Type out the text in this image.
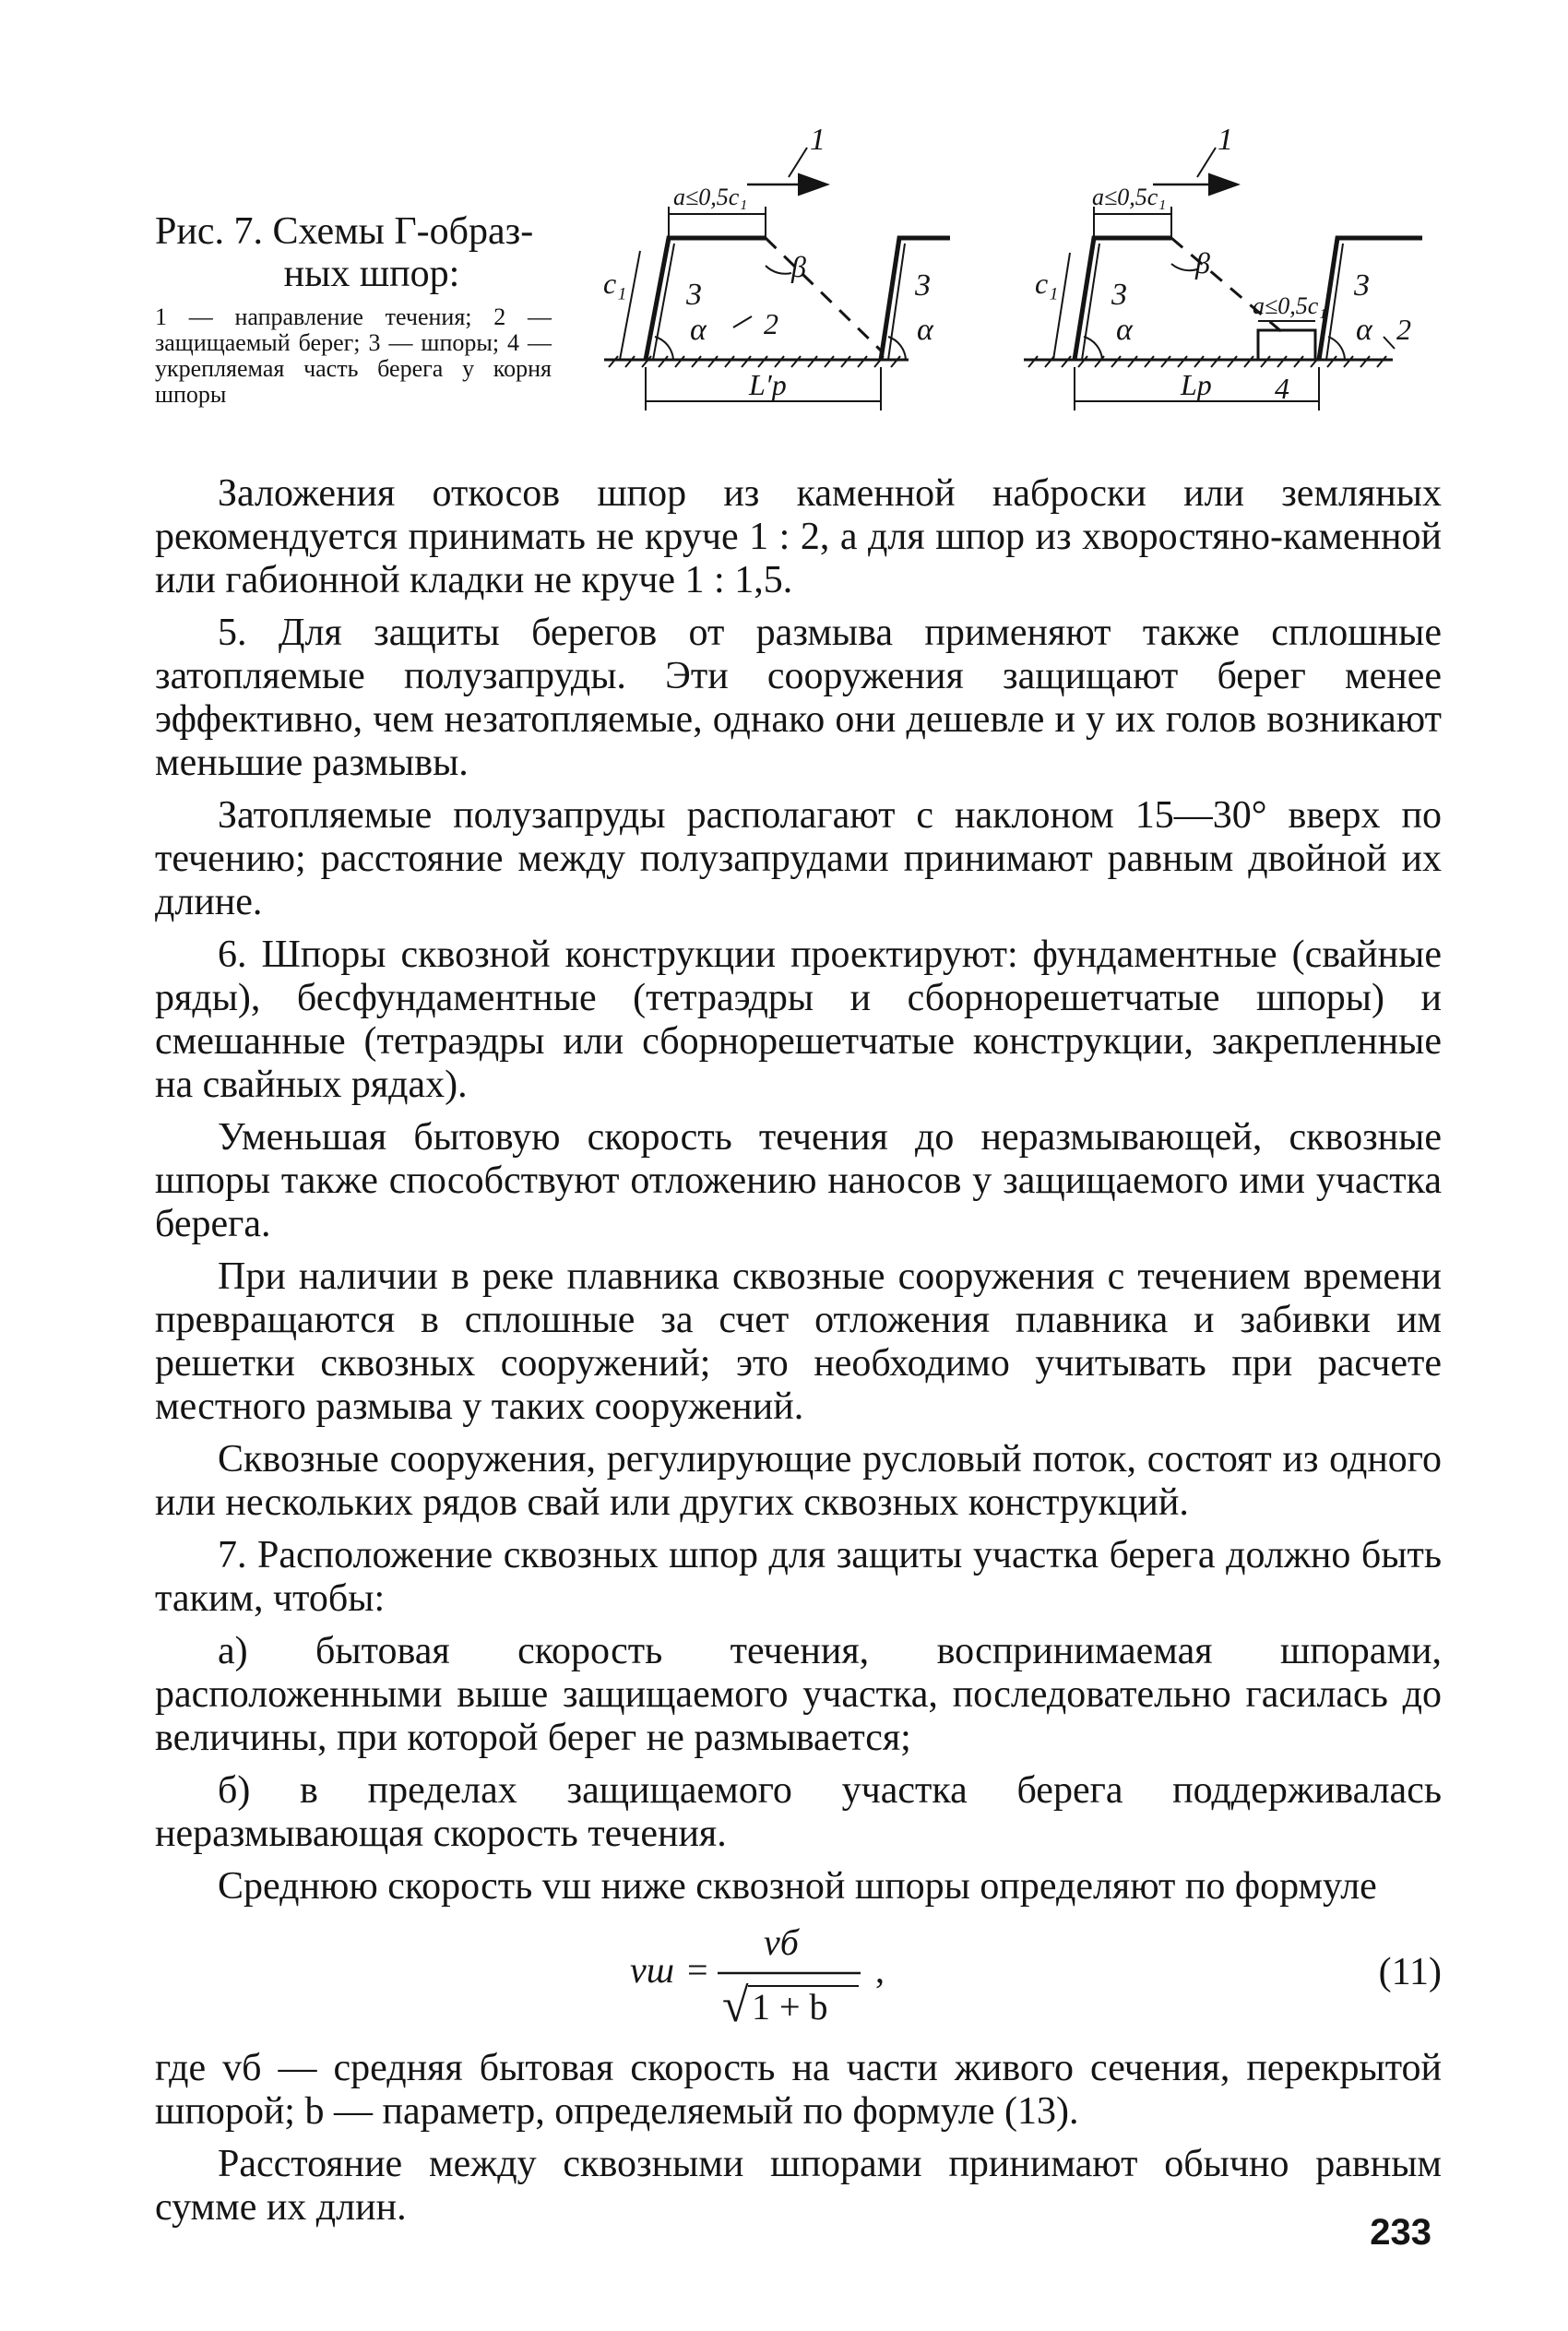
Рис. 7. Схемы Г-образ-
ных шпор:

1 — направление течения; 2 — защищаемый берег; 3 — шпоры; 4 — укрепляемая часть берега у корня шпоры
1
a≤0,5c₁
c₁ 3	3
α	α
β
2
L′р
1
a≤0,5c₁
c₁ 3	3
α	α
β
a≤0,5c₁
2
Lр 4

Заложения откосов шпор из каменной наброски или земляных рекомендуется принимать не круче 1 : 2, а для шпор из хворостяно-каменной или габионной кладки не круче 1 : 1,5.

5. Для защиты берегов от размыва применяют также сплошные затопляемые полузапруды. Эти сооружения защищают берег менее эффективно, чем незатопляемые, однако они дешевле и у их голов возникают меньшие размывы.

Затопляемые полузапруды располагают с наклоном 15—30° вверх по течению; расстояние между полузапрудами принимают равным двойной их длине.

6. Шпоры сквозной конструкции проектируют: фундаментные (свайные ряды), бесфундаментные (тетраэдры и сборнорешетчатые шпоры) и смешанные (тетраэдры или сборнорешетчатые конструкции, закрепленные на свайных рядах).

Уменьшая бытовую скорость течения до неразмывающей, сквозные шпоры также способствуют отложению наносов у защищаемого ими участка берега.

При наличии в реке плавника сквозные сооружения с течением времени превращаются в сплошные за счет отложения плавника и забивки им решетки сквозных сооружений; это необходимо учитывать при расчете местного размыва у таких сооружений.

Сквозные сооружения, регулирующие русловый поток, состоят из одного или нескольких рядов свай или других сквозных конструкций.

7. Расположение сквозных шпор для защиты участка берега должно быть таким, чтобы:

а) бытовая скорость течения, воспринимаемая шпорами, расположенными выше защищаемого участка, последовательно гасилась до величины, при которой берег не размывается;

б) в пределах защищаемого участка берега поддерживалась неразмывающая скорость течения.

Среднюю скорость vш ниже сквозной шпоры определяют по формуле

vш =
vб
√ 1 + b
,	(11)

где vб — средняя бытовая скорость на части живого сечения, перекрытой шпорой; b — параметр, определяемый по формуле (13).

Расстояние между сквозными шпорами принимают обычно равным сумме их длин.

233
